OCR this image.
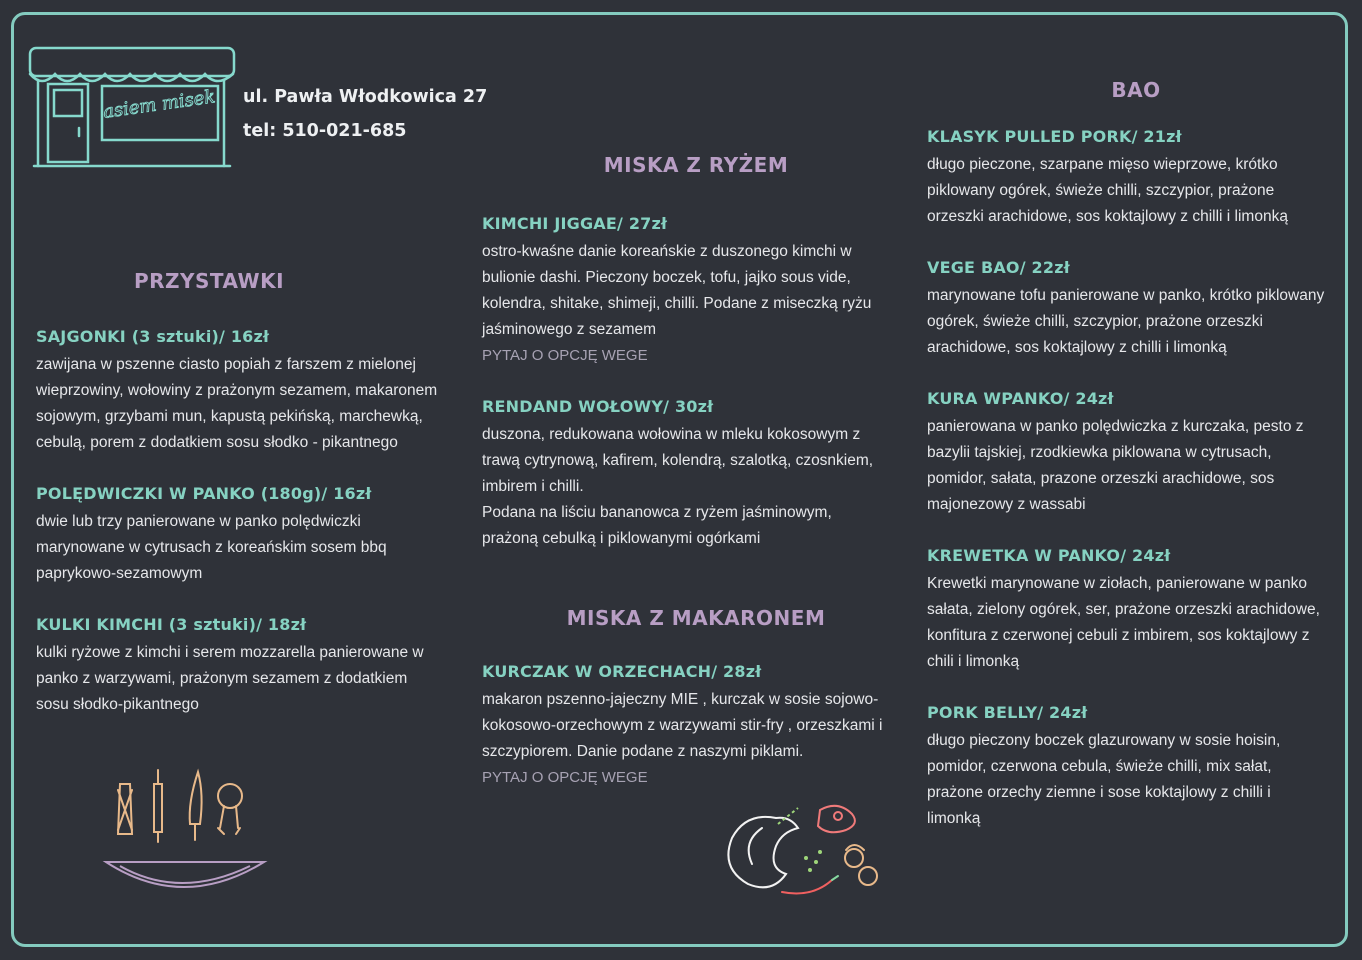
asiem misek ul. Pawła Włodkowica 27
tel: 510-021-685
PRZYSTAWKI
SAJGONKI (3 sztuki)/ 16zł

zawijana w pszenne ciasto popiah z farszem z mielonej wieprzowiny, wołowiny z prażonym sezamem, makaronem sojowym, grzybami mun, kapustą pekińską, marchewką, cebulą, porem z dodatkiem sosu słodko - pikantnego

POLĘDWICZKI W PANKO (180g)/ 16zł

dwie lub trzy panierowane w panko polędwiczki marynowane w cytrusach z koreańskim sosem bbq paprykowo-sezamowym

KULKI KIMCHI (3 sztuki)/ 18zł

kulki ryżowe z kimchi i serem mozzarella panierowane w panko z warzywami, prażonym sezamem z dodatkiem sosu słodko-pikantnego

MISKA Z RYŻEM
KIMCHI JIGGAE/ 27zł

ostro-kwaśne danie koreańskie z duszonego kimchi w bulionie dashi. Pieczony boczek, tofu, jajko sous vide, kolendra, shitake, shimeji, chilli. Podane z miseczką ryżu jaśminowego z sezamem

PYTAJ O OPCJĘ WEGE

RENDAND WOŁOWY/ 30zł

duszona, redukowana wołowina w mleku kokosowym z trawą cytrynową, kafirem, kolendrą, szalotką, czosnkiem, imbirem i chilli.

Podana na liściu bananowca z ryżem jaśminowym, prażoną cebulką i piklowanymi ogórkami

MISKA Z MAKARONEM
KURCZAK W ORZECHACH/ 28zł

makaron pszenno-jajeczny MIE , kurczak w sosie sojowo-kokosowo-orzechowym z warzywami stir-fry , orzeszkami i szczypiorem. Danie podane z naszymi piklami.

PYTAJ O OPCJĘ WEGE

BAO
KLASYK PULLED PORK/ 21zł

długo pieczone, szarpane mięso wieprzowe, krótko piklowany ogórek, świeże chilli, szczypior, prażone orzeszki arachidowe, sos koktajlowy z chilli i limonką

VEGE BAO/ 22zł

marynowane tofu panierowane w panko, krótko piklowany ogórek, świeże chilli, szczypior, prażone orzeszki arachidowe, sos koktajlowy z chilli i limonką

KURA WPANKO/ 24zł

panierowana w panko polędwiczka z kurczaka, pesto z bazylii tajskiej, rzodkiewka piklowana w cytrusach, pomidor, sałata, prazone orzeszki arachidowe, sos majonezowy z wassabi

KREWETKA W PANKO/ 24zł

Krewetki marynowane w ziołach, panierowane w panko sałata, zielony ogórek, ser, prażone orzeszki arachidowe, konfitura z czerwonej cebuli z imbirem, sos koktajlowy z chili i limonką

PORK BELLY/ 24zł

długo pieczony boczek glazurowany w sosie hoisin, pomidor, czerwona cebula, świeże chilli, mix sałat, prażone orzechy ziemne i sose koktajlowy z chilli i limonką
